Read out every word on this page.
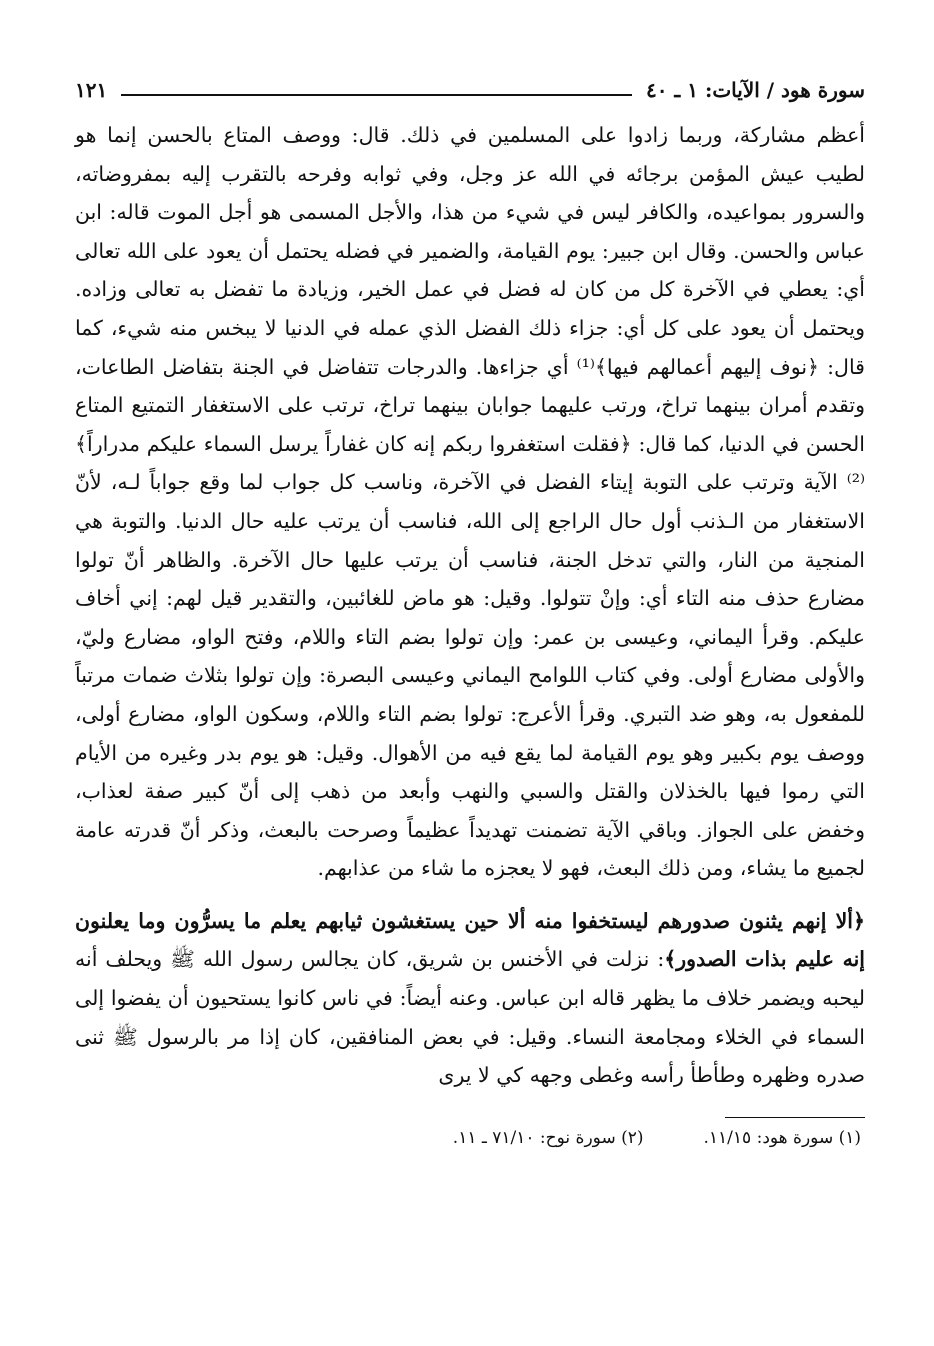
سورة هود / الآيات: ١ ـ ٤٠
١٢١

أعظم مشاركة، وربما زادوا على المسلمين في ذلك. قال: ووصف المتاع بالحسن إنما هو لطيب عيش المؤمن برجائه في الله عز وجل، وفي ثوابه وفرحه بالتقرب إليه بمفروضاته، والسرور بمواعيده، والكافر ليس في شيء من هذا، والأجل المسمى هو أجل الموت قاله: ابن عباس والحسن. وقال ابن جبير: يوم القيامة، والضمير في فضله يحتمل أن يعود على الله تعالى أي: يعطي في الآخرة كل من كان له فضل في عمل الخير، وزيادة ما تفضل به تعالى وزاده. ويحتمل أن يعود على كل أي: جزاء ذلك الفضل الذي عمله في الدنيا لا يبخس منه شيء، كما قال: ﴿نوف إليهم أعمالهم فيها﴾⁽¹⁾ أي جزاءها. والدرجات تتفاضل في الجنة بتفاضل الطاعات، وتقدم أمران بينهما تراخ، ورتب عليهما جوابان بينهما تراخ، ترتب على الاستغفار التمتيع المتاع الحسن في الدنيا، كما قال: ﴿فقلت استغفروا ربكم إنه كان غفاراً يرسل السماء عليكم مدراراً﴾⁽²⁾ الآية وترتب على التوبة إيتاء الفضل في الآخرة، وناسب كل جواب لما وقع جواباً لـه، لأنّ الاستغفار من الـذنب أول حال الراجع إلى الله، فناسب أن يرتب عليه حال الدنيا. والتوبة هي المنجية من النار، والتي تدخل الجنة، فناسب أن يرتب عليها حال الآخرة. والظاهر أنّ تولوا مضارع حذف منه التاء أي: وإنْ تتولوا. وقيل: هو ماض للغائبين، والتقدير قيل لهم: إني أخاف عليكم. وقرأ اليماني، وعيسى بن عمر: وإن تولوا بضم التاء واللام، وفتح الواو، مضارع وليّ، والأولى مضارع أولى. وفي كتاب اللوامح اليماني وعيسى البصرة: وإن تولوا بثلاث ضمات مرتباً للمفعول به، وهو ضد التبري. وقرأ الأعرج: تولوا بضم التاء واللام، وسكون الواو، مضارع أولى، ووصف يوم بكبير وهو يوم القيامة لما يقع فيه من الأهوال. وقيل: هو يوم بدر وغيره من الأيام التي رموا فيها بالخذلان والقتل والسبي والنهب وأبعد من ذهب إلى أنّ كبير صفة لعذاب، وخفض على الجواز. وباقي الآية تضمنت تهديداً عظيماً وصرحت بالبعث، وذكر أنّ قدرته عامة لجميع ما يشاء، ومن ذلك البعث، فهو لا يعجزه ما شاء من عذابهم.

﴿ألا إنهم يثنون صدورهم ليستخفوا منه ألا حين يستغشون ثيابهم يعلم ما يسرُّون وما يعلنون إنه عليم بذات الصدور﴾: نزلت في الأخنس بن شريق، كان يجالس رسول الله ﷺ ويحلف أنه ليحبه ويضمر خلاف ما يظهر قاله ابن عباس. وعنه أيضاً: في ناس كانوا يستحيون أن يفضوا إلى السماء في الخلاء ومجامعة النساء. وقيل: في بعض المنافقين، كان إذا مر بالرسول ﷺ ثنى صدره وظهره وطأطأ رأسه وغطى وجهه كي لا يرى

(١) سورة هود: ١١/١٥.
(٢) سورة نوح: ٧١/١٠ ـ ١١.
